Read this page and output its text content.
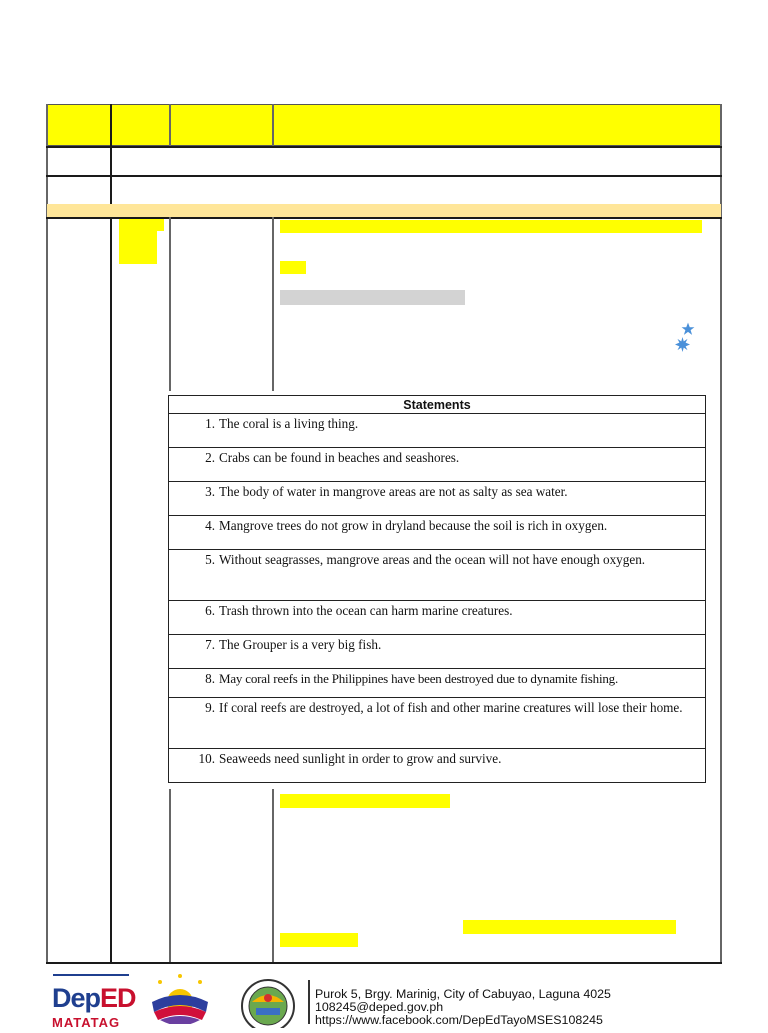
Statements
1. The coral is a living thing.
2. Crabs can be found in beaches and seashores.
3. The body of water in mangrove areas are not as salty as sea water.
4. Mangrove trees do not grow in dryland because the soil is rich in oxygen.
5. Without seagrasses, mangrove areas and the ocean will not have enough oxygen.
6. Trash thrown into the ocean can harm marine creatures.
7. The Grouper is a very big fish.
8. May coral reefs in the Philippines have been destroyed due to dynamite fishing.
9. If coral reefs are destroyed, a lot of fish and other marine creatures will lose their home.
10. Seaweeds need sunlight in order to grow and survive.
DepED
MATATAG
Purok 5, Brgy. Marinig, City of Cabuyao, Laguna 4025
108245@deped.gov.ph
https://www.facebook.com/DepEdTayoMSES108245
